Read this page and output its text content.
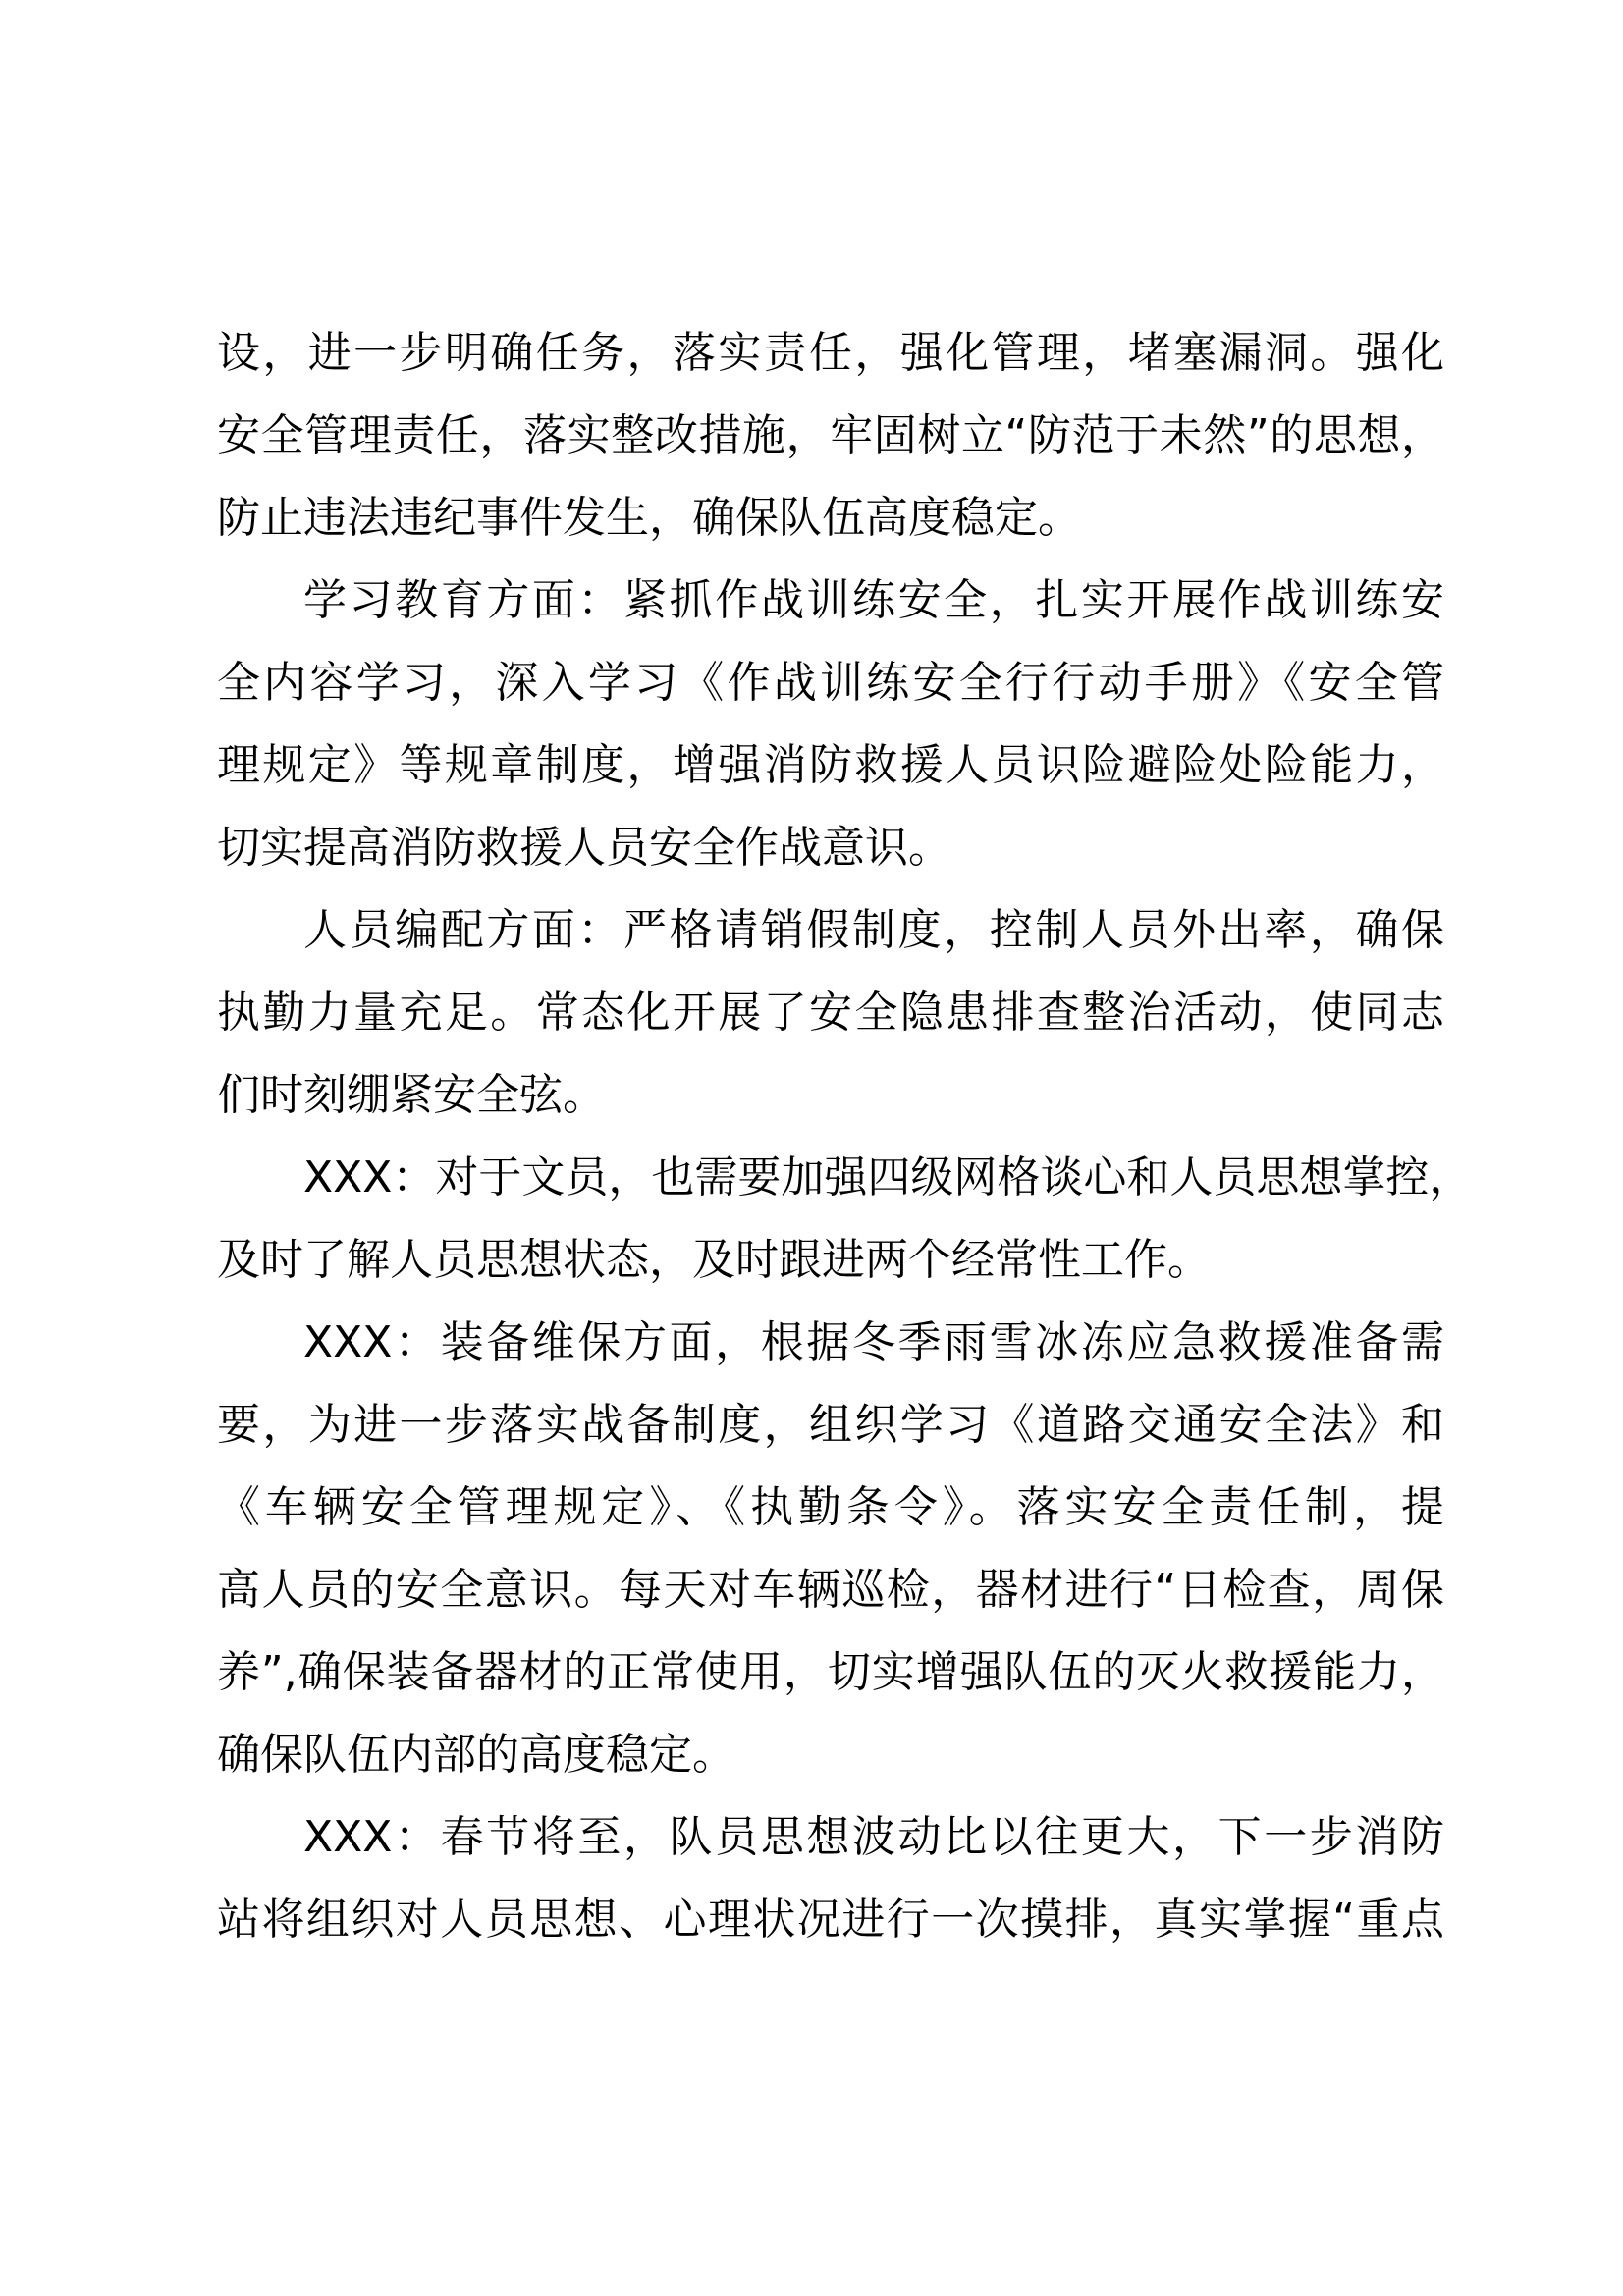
设，进一步明确任务，落实责任，强化管理，堵塞漏洞。强化
安全管理责任，落实整改措施，牢固树立“防范于未然”的思想，
防止违法违纪事件发生，确保队伍高度稳定。
学习教育方面：紧抓作战训练安全，扎实开展作战训练安
全内容学习，深入学习《作战训练安全行行动手册》《安全管
理规定》等规章制度，增强消防救援人员识险避险处险能力，
切实提高消防救援人员安全作战意识。
人员编配方面：严格请销假制度，控制人员外出率，确保
执勤力量充足。常态化开展了安全隐患排查整治活动，使同志
们时刻绷紧安全弦。
XXX：对于文员，也需要加强四级网格谈心和人员思想掌控，
及时了解人员思想状态，及时跟进两个经常性工作。
XXX：装备维保方面，根据冬季雨雪冰冻应急救援准备需
要，为进一步落实战备制度，组织学习《道路交通安全法》和
《车辆安全管理规定》、《执勤条令》。落实安全责任制，提
高人员的安全意识。每天对车辆巡检，器材进行“日检查，周保
养”,确保装备器材的正常使用，切实增强队伍的灭火救援能力，
确保队伍内部的高度稳定。
XXX：春节将至，队员思想波动比以往更大，下一步消防
站将组织对人员思想、心理状况进行一次摸排，真实掌握“重点
